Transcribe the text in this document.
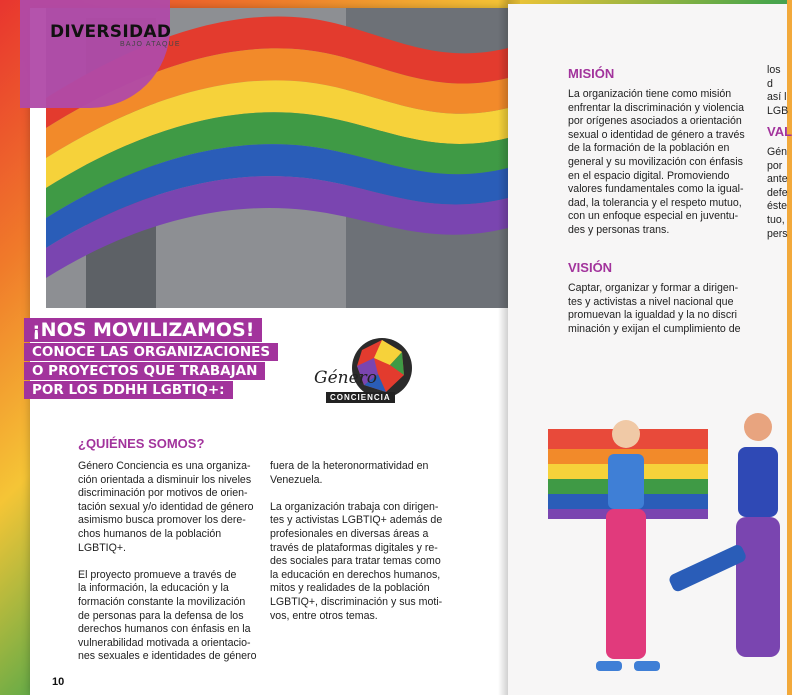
DIVERSIDAD
BAJO ATAQUE
¡NOS MOVILIZAMOS!
CONOCE LAS ORGANIZACIONES
O PROYECTOS QUE TRABAJAN
POR LOS DDHH LGBTIQ+:
Género
CONCIENCIA
¿QUIÉNES SOMOS?
Género Conciencia es una organiza-
ción orientada a disminuir los niveles
discriminación por motivos de orien-
tación sexual y/o identidad de género
asimismo busca promover los dere-
chos humanos de la población
LGBTIQ+.

El proyecto promueve a través de
la información, la educación y la
formación constante la movilización
de personas para la defensa de los
derechos humanos con énfasis en la
vulnerabilidad motivada a orientacio-
nes sexuales e identidades de género
fuera de la heteronormatividad en
Venezuela.

La organización trabaja con dirigen-
tes y activistas LGBTIQ+ además de
profesionales en diversas áreas a
través de plataformas digitales y re-
des sociales para tratar temas como
la educación en derechos humanos,
mitos y realidades de la población
LGBTIQ+, discriminación y sus moti-
vos, entre otros temas.
10
MISIÓN
La organización tiene como misión
enfrentar la discriminación y violencia
por orígenes asociados a orientación
sexual o identidad de género a través
de la formación de la población en
general y su movilización con énfasis
en el espacio digital. Promoviendo
valores fundamentales como la igual-
dad, la tolerancia y el respeto mutuo,
con un enfoque especial en juventu-
des y personas trans.
VISIÓN
Captar, organizar y formar a dirigen-
tes y activistas a nivel nacional que
promuevan la igualdad y la no discri
minación y exijan el cumplimiento de
los d
así l
LGB
VAL
Gén
por
ante
defe
éste
tuo,
pers
